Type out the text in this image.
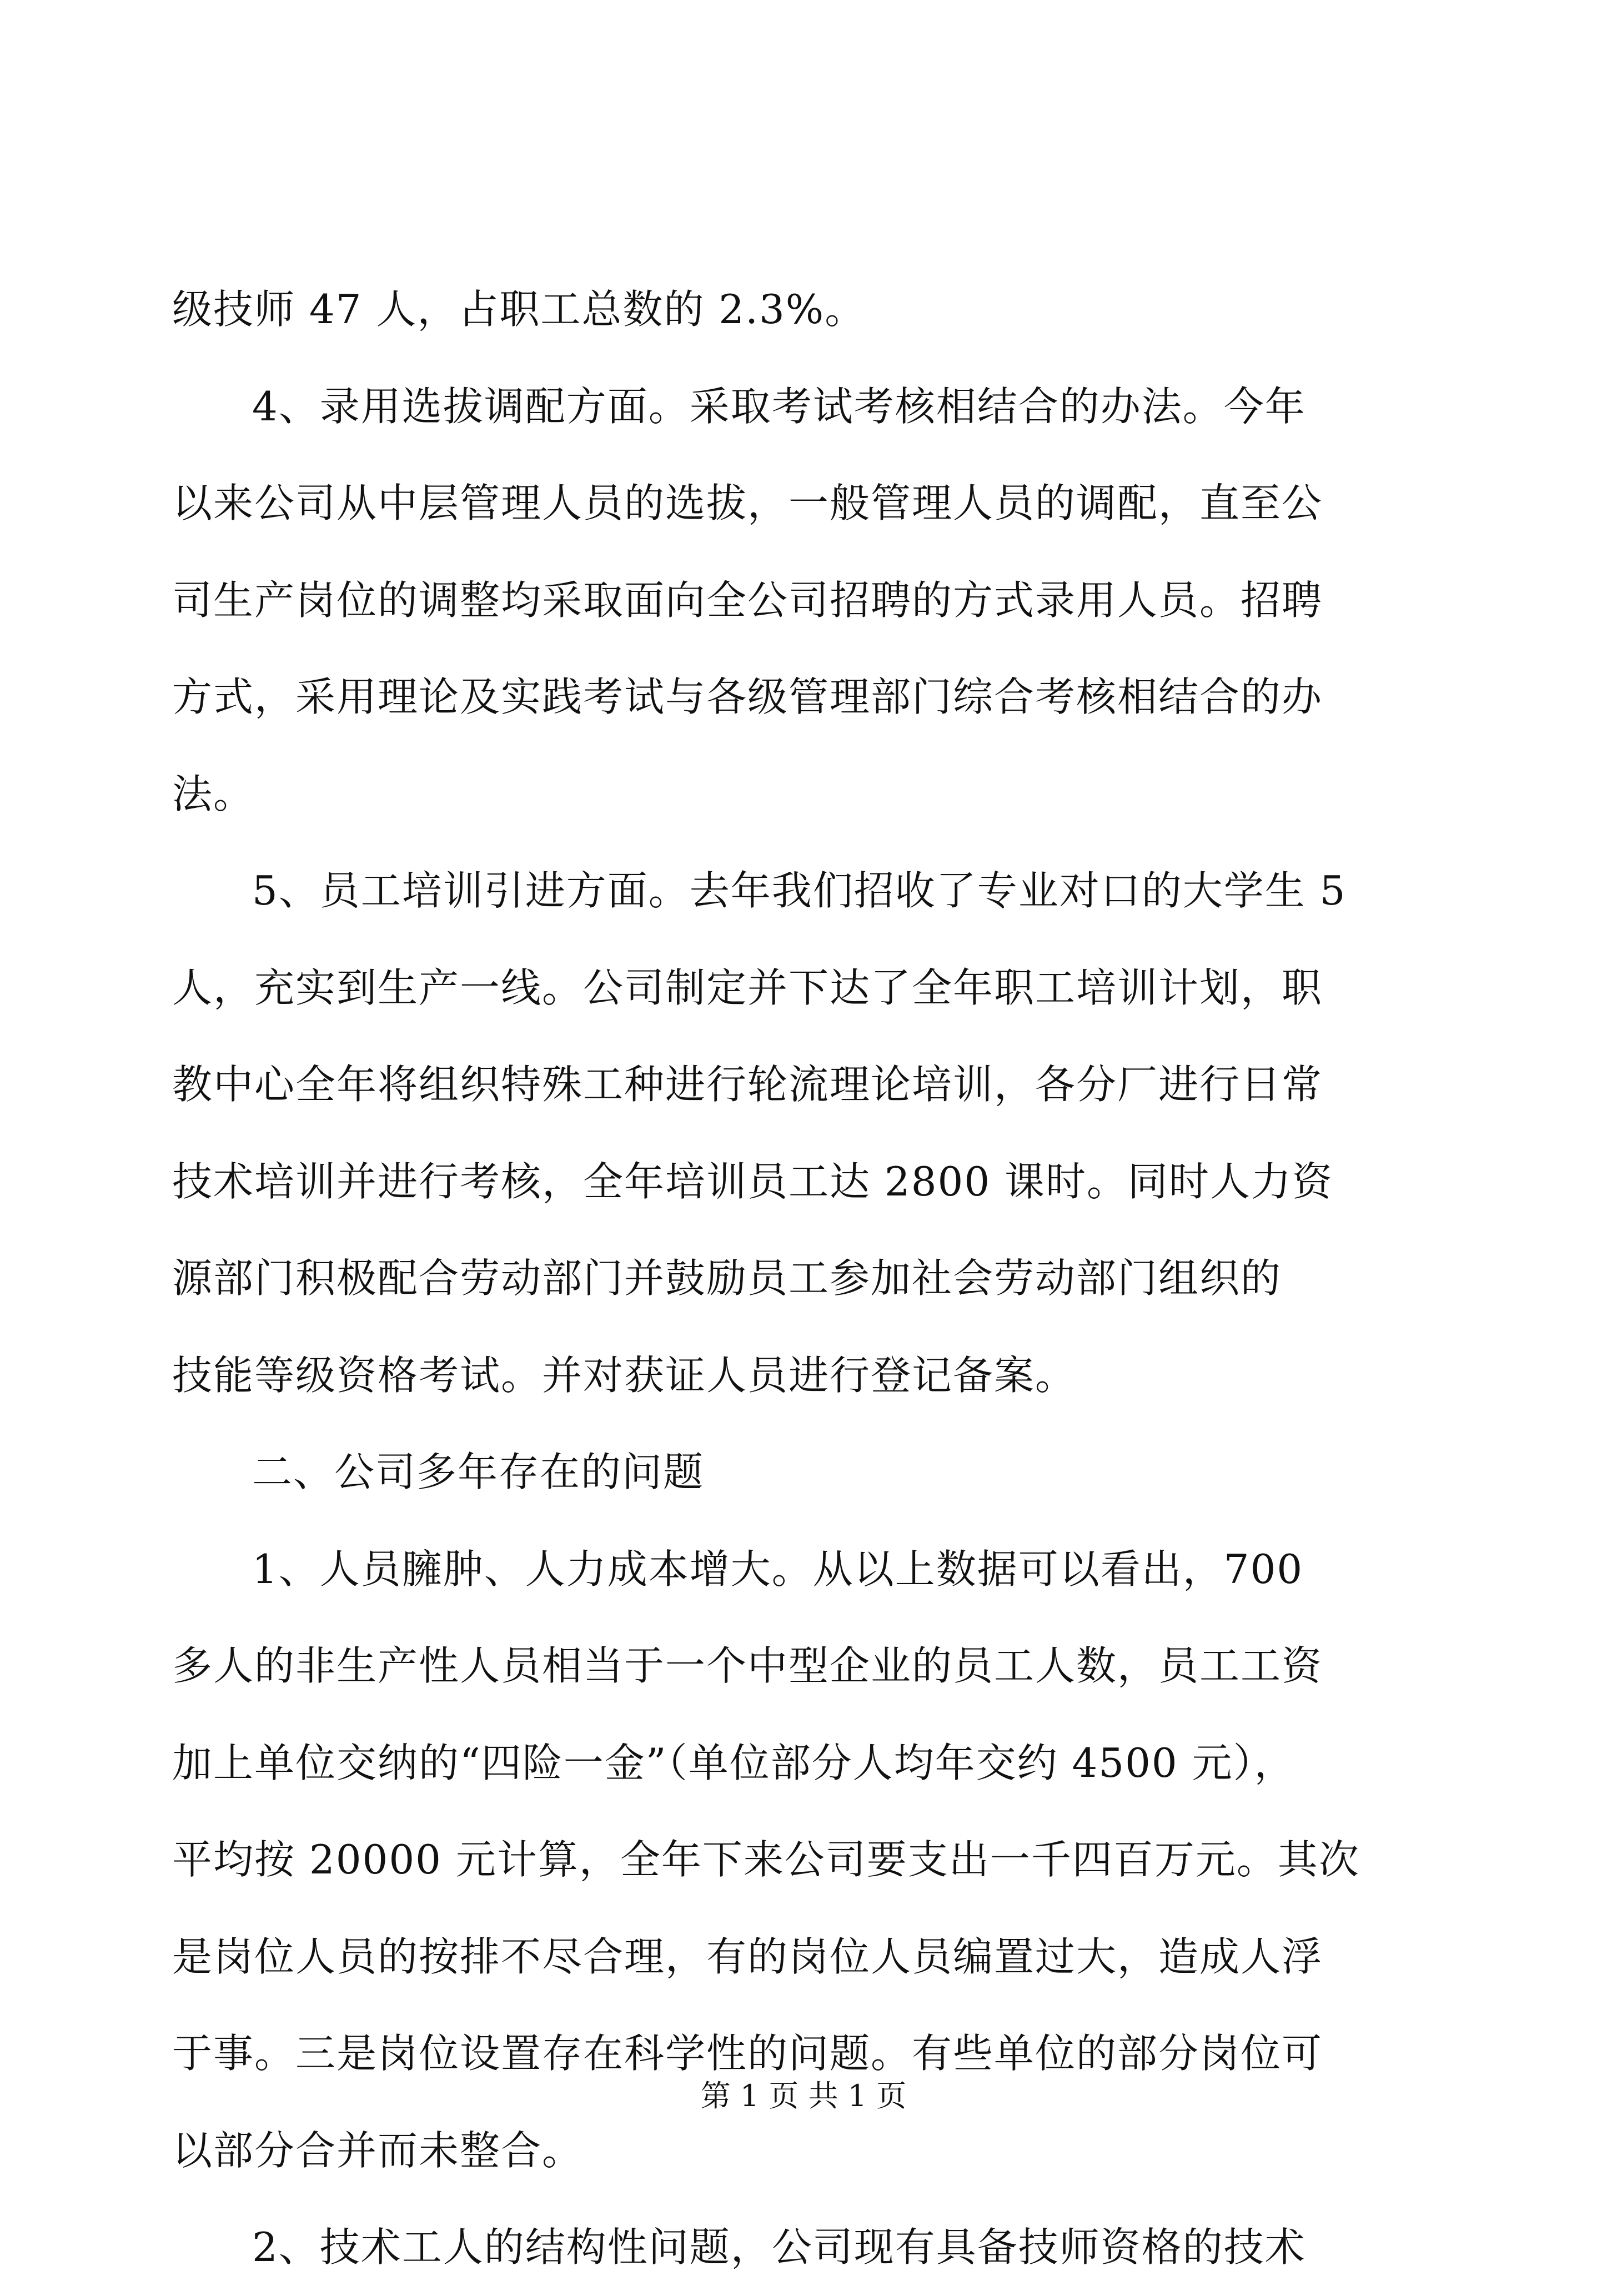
级技师 47 人，占职工总数的 2.3%。
4、录用选拔调配方面。采取考试考核相结合的办法。今年
以来公司从中层管理人员的选拔，一般管理人员的调配，直至公
司生产岗位的调整均采取面向全公司招聘的方式录用人员。招聘
方式，采用理论及实践考试与各级管理部门综合考核相结合的办
法。
5、员工培训引进方面。去年我们招收了专业对口的大学生 5
人，充实到生产一线。公司制定并下达了全年职工培训计划，职
教中心全年将组织特殊工种进行轮流理论培训，各分厂进行日常
技术培训并进行考核，全年培训员工达 2800 课时。同时人力资
源部门积极配合劳动部门并鼓励员工参加社会劳动部门组织的
技能等级资格考试。并对获证人员进行登记备案。
二、公司多年存在的问题
1、人员臃肿、人力成本增大。从以上数据可以看出，700
多人的非生产性人员相当于一个中型企业的员工人数，员工工资
加上单位交纳的“四险一金”（单位部分人均年交约 4500 元），
平均按 20000 元计算，全年下来公司要支出一千四百万元。其次
是岗位人员的按排不尽合理，有的岗位人员编置过大，造成人浮
于事。三是岗位设置存在科学性的问题。有些单位的部分岗位可
以部分合并而未整合。
2、技术工人的结构性问题，公司现有具备技师资格的技术
第 1 页 共 1 页
